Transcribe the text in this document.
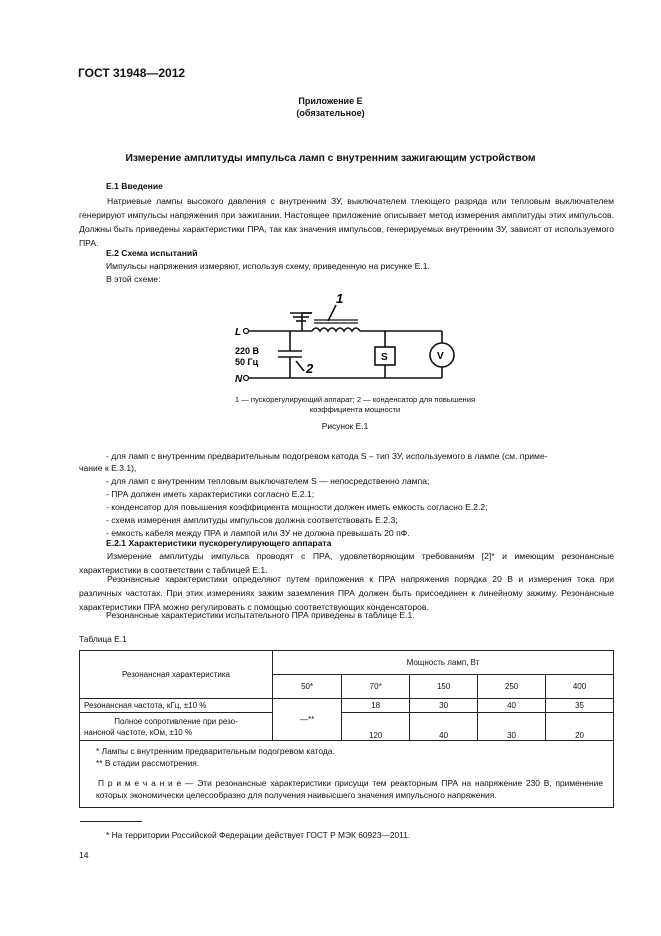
ГОСТ 31948—2012
Приложение Е
(обязательное)
Измерение амплитуды импульса ламп с внутренним зажигающим устройством
Е.1 Введение
Натриевые лампы высокого давления с внутренним ЗУ, выключателем тлеющего разряда или тепловым выключателем генерируют импульсы напряжения при зажигании. Настоящее приложение описывает метод измерения амплитуды этих импульсов. Должны быть приведены характеристики ПРА, так как значения импульсов, генерируемых внутренним ЗУ, зависят от используемого ПРА.
Е.2 Схема испытаний
Импульсы напряжения измеряют, используя схему, приведенную на рисунке Е.1.
В этой схеме:
1
2
L
N
220 В
50 Гц	S	V
1 — пускорегулирующий аппарат; 2 — конденсатор для повышения
коэффициента мощности
Рисунок Е.1
- для ламп с внутренним предварительным подогревом катода S – тип ЗУ, используемого в лампе (см. приме-
чание к Е.3.1),
- для ламп с внутренним тепловым выключателем S — непосредственно лампа;
- ПРА должен иметь характеристики согласно Е.2.1;
- конденсатор для повышения коэффициента мощности должен иметь емкость согласно Е.2.2;
- схема измерения амплитуды импульсов должна соответствовать Е.2.3;
- емкость кабеля между ПРА и лампой или ЗУ не должна превышать 20 пФ.
Е.2.1 Характеристики пускорегулирующего аппарата
Измерение амплитуды импульса проводят с ПРА, удовлетворяющим требованиям [2]* и имеющим резонансные характеристики в соответствии с таблицей Е.1.
Резонансные характеристики определяют путем приложения к ПРА напряжения порядка 20 В и измерения тока при различных частотах. При этих измерениях зажим заземления ПРА должен быть присоединен к линейному зажиму. Резонансные характеристики ПРА можно регулировать с помощью соответствующих конденсаторов.
Резонансные характеристики испытательного ПРА приведены в таблице Е.1.
Таблица Е.1
Резонансная характеристика	Мощность ламп, Вт				
	50*	70*	150	250	400
Резонансная частота, кГц, ±10 %	—**	18	30	40	35

Полное сопротивление при резо-
нансной частоте, кОм, ±10 %		120	40	30	20

* Лампы с внутренним предварительным подогревом катода.
** В стадии рассмотрения.
П р и м е ч а н и е — Эти резонансные характеристики присущи тем реакторным ПРА на напряжение 230 В, применение которых экономически целесообразно для получения наивысшего значения импульсного напряжения.					
* На территории Российской Федерации действует ГОСТ Р МЭК 60923—2011.
14
